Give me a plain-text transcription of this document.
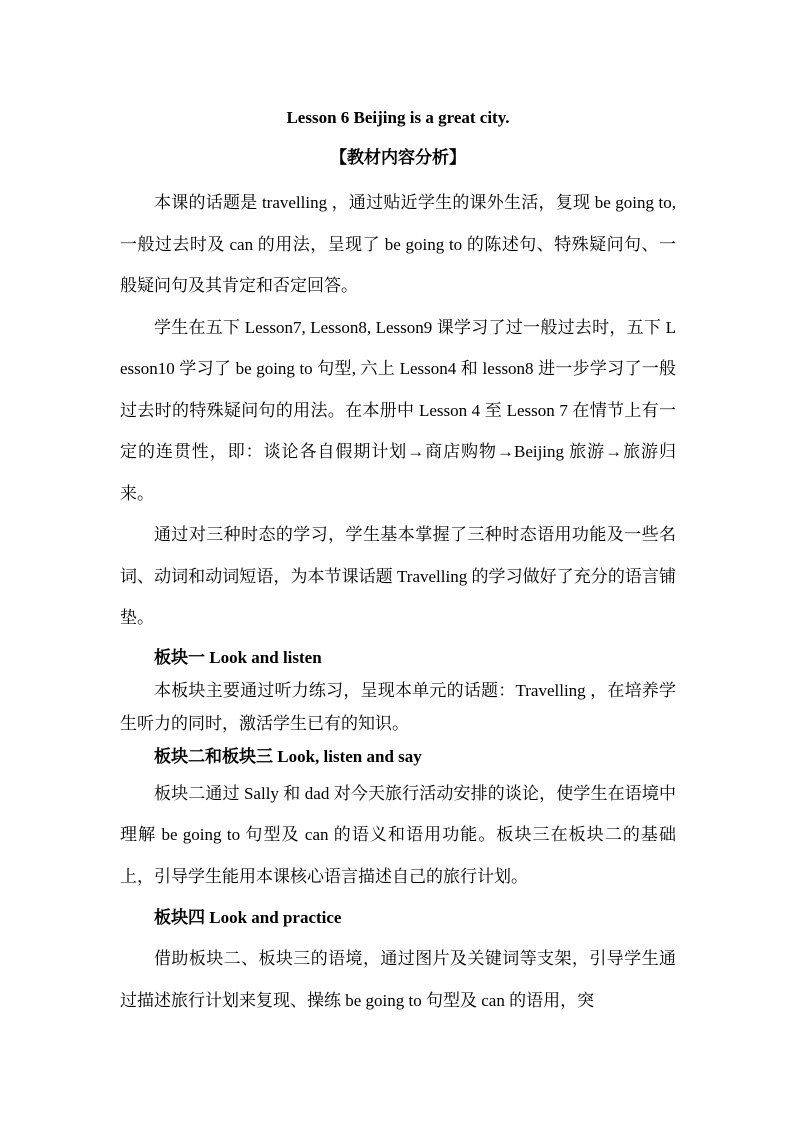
Lesson 6 Beijing is a great city.
【教材内容分析】

本课的话题是 travelling ，通过贴近学生的课外生活，复现 be going to, 一般过去时及 can 的用法，呈现了 be going to 的陈述句、特殊疑问句、一般疑问句及其肯定和否定回答。

学生在五下 Lesson7, Lesson8, Lesson9 课学习了过一般过去时，五下 Lesson10 学习了 be going to 句型, 六上 Lesson4 和 lesson8 进一步学习了一般过去时的特殊疑问句的用法。在本册中 Lesson 4 至 Lesson 7 在情节上有一定的连贯性，即：谈论各自假期计划→商店购物→Beijing 旅游→旅游归来。

通过对三种时态的学习，学生基本掌握了三种时态语用功能及一些名词、动词和动词短语，为本节课话题 Travelling 的学习做好了充分的语言铺垫。

板块一 Look and listen

本板块主要通过听力练习，呈现本单元的话题：Travelling ，在培养学生听力的同时，激活学生已有的知识。

板块二和板块三 Look, listen and say

板块二通过 Sally 和 dad 对今天旅行活动安排的谈论，使学生在语境中理解 be going to 句型及 can 的语义和语用功能。板块三在板块二的基础上，引导学生能用本课核心语言描述自己的旅行计划。

板块四 Look and practice

借助板块二、板块三的语境，通过图片及关键词等支架，引导学生通过描述旅行计划来复现、操练 be going to 句型及 can 的语用，突
